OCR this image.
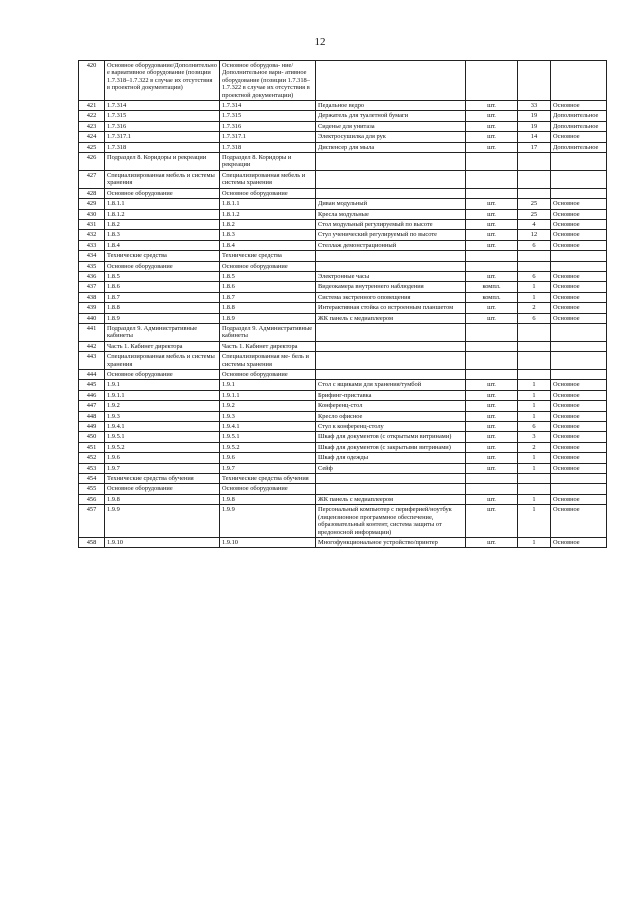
12
420	Основное оборудование/Дополнительно е вариативное оборудование (позиции 1.7.318–1.7.322 в случае их отсутствия в проектной документации)	Основное оборудова- ние/Дополнительное вари- ативное оборудование (позиции 1.7.318–1.7.322 в случае их отсутствия в проектной документации)				
421	1.7.314	1.7.314	Педальное ведро	шт.	33	Основное
422	1.7.315	1.7.315	Держатель для туалетной бумаги	шт.	19	Дополнительное
423	1.7.316	1.7.316	Сиденье для унитаза	шт.	19	Дополнительное
424	1.7.317.1	1.7.317.1	Электросушилка для рук	шт.	14	Основное
425	1.7.318	1.7.318	Диспенсер для мыла	шт.	17	Дополнительное
426	Подраздел 8. Коридоры и рекреации	Подраздел 8. Коридоры и рекреации				
427	Специализированная мебель и системы хранения	Специализированная мебель и системы хранения				
428	Основное оборудование	Основное оборудование				
429	1.8.1.1	1.8.1.1	Диван модульный	шт.	25	Основное
430	1.8.1.2	1.8.1.2	Кресла модульные	шт.	25	Основное
431	1.8.2	1.8.2	Стол модульный регулируемый по высоте	шт.	4	Основное
432	1.8.3	1.8.3	Стул ученический регулируемый по высоте	шт.	12	Основное
433	1.8.4	1.8.4	Стеллаж демонстрационный	шт.	6	Основное
434	Технические средства	Технические средства				
435	Основное оборудование	Основное оборудование				
436	1.8.5	1.8.5	Электронные часы	шт.	6	Основное
437	1.8.6	1.8.6	Видеокамера внутреннего наблюдения	компл.	1	Основное
438	1.8.7	1.8.7	Система экстренного оповещения	компл.	1	Основное
439	1.8.8	1.8.8	Интерактивная стойка со встроенным планшетом	шт.	2	Основное
440	1.8.9	1.8.9	ЖК панель с медиаплеером	шт.	6	Основное
441	Подраздел 9. Административные кабинеты	Подраздел 9. Административные кабинеты				
442	Часть 1. Кабинет директора	Часть 1. Кабинет директора				
443	Специализированная мебель и системы хранения	Специализированная ме- бель и системы хранения				
444	Основное оборудование	Основное оборудование				
445	1.9.1	1.9.1	Стол с ящиками для хранения/тумбой	шт.	1	Основное
446	1.9.1.1	1.9.1.1	Брифинг-приставка	шт.	1	Основное
447	1.9.2	1.9.2	Конференц-стол	шт.	1	Основное
448	1.9.3	1.9.3	Кресло офисное	шт.	1	Основное
449	1.9.4.1	1.9.4.1	Стул к конференц-столу	шт.	6	Основное
450	1.9.5.1	1.9.5.1	Шкаф для документов (с открытыми витринами)	шт.	3	Основное
451	1.9.5.2	1.9.5.2	Шкаф для документов (с закрытыми витринами)	шт.	2	Основное
452	1.9.6	1.9.6	Шкаф для одежды	шт.	1	Основное
453	1.9.7	1.9.7	Сейф	шт.	1	Основное
454	Технические средства обучения	Технические средства обучения				
455	Основное оборудование	Основное оборудование				
456	1.9.8	1.9.8	ЖК панель с медиаплеером	шт.	1	Основное
457	1.9.9	1.9.9	Персональный компьютер с периферией/ноутбук (лицензионное программное обеспечение, образовательный контент, система защиты от вредоносной информации)	шт.	1	Основное
458	1.9.10	1.9.10	Многофункциональное устройство/принтер	шт.	1	Основное
